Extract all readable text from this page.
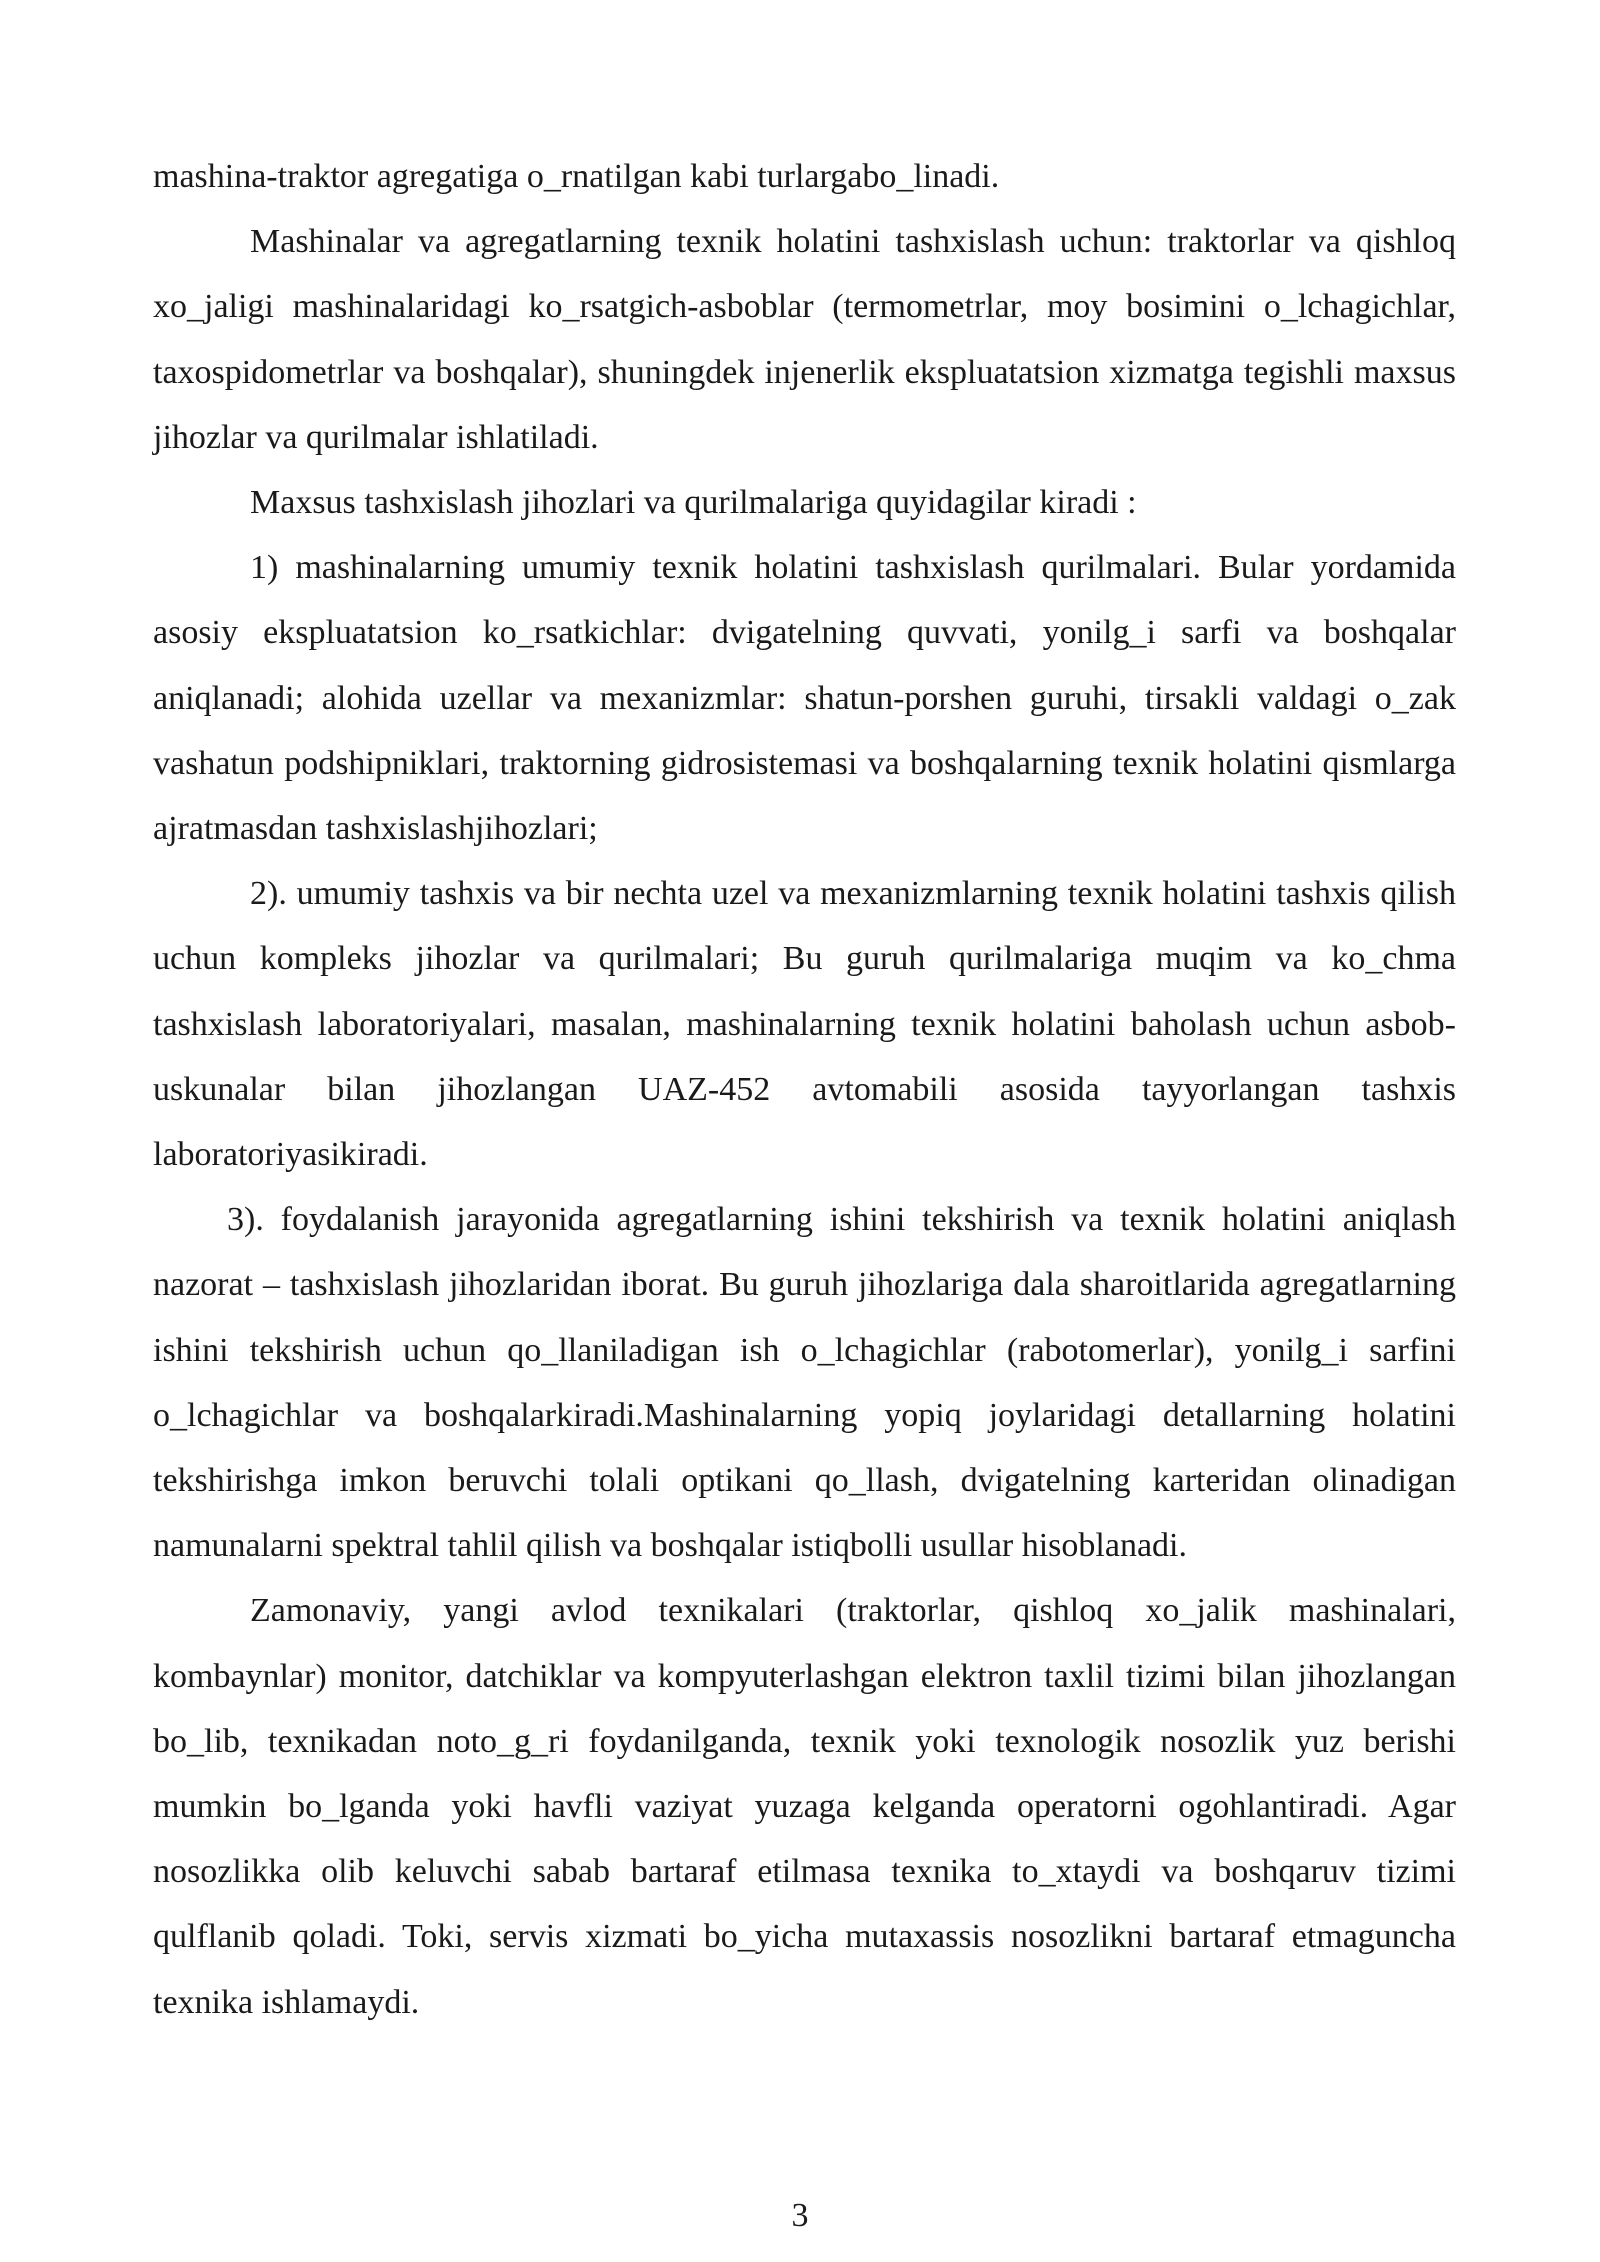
mashina-traktor agregatiga o_rnatilgan kabi turlargabo_linadi.

Mashinalar va agregatlarning texnik holatini tashxislash uchun: traktorlar va qishloq xo_jaligi mashinalaridagi ko_rsatgich-asboblar (termometrlar, moy bosimini o_lchagichlar, taxospidometrlar va boshqalar), shuningdek injenerlik ekspluatatsion xizmatga tegishli maxsus jihozlar va qurilmalar ishlatiladi.

Maxsus tashxislash jihozlari va qurilmalariga quyidagilar kiradi :

1) mashinalarning umumiy texnik holatini tashxislash qurilmalari. Bular yordamida asosiy ekspluatatsion ko_rsatkichlar: dvigatelning quvvati, yonilg_i sarfi va boshqalar aniqlanadi; alohida uzellar va mexanizmlar: shatun-porshen guruhi, tirsakli valdagi o_zak vashatun podshipniklari, traktorning gidrosistemasi va boshqalarning texnik holatini qismlarga ajratmasdan tashxislashjihozlari;

2). umumiy tashxis va bir nechta uzel va mexanizmlarning texnik holatini tashxis qilish uchun kompleks jihozlar va qurilmalari; Bu guruh qurilmalariga muqim va ko_chma tashxislash laboratoriyalari, masalan, mashinalarning texnik holatini baholash uchun asbob-uskunalar bilan jihozlangan UAZ-452 avtomabili asosida tayyorlangan tashxis laboratoriyasikiradi.

3). foydalanish jarayonida agregatlarning ishini tekshirish va texnik holatini aniqlash nazorat – tashxislash jihozlaridan iborat. Bu guruh jihozlariga dala sharoitlarida agregatlarning ishini tekshirish uchun qo_llaniladigan ish o_lchagichlar (rabotomerlar), yonilg_i sarfini o_lchagichlar va boshqalarkiradi.Mashinalarning yopiq joylaridagi detallarning holatini tekshirishga imkon beruvchi tolali optikani qo_llash, dvigatelning karteridan olinadigan namunalarni spektral tahlil qilish va boshqalar istiqbolli usullar hisoblanadi.

Zamonaviy, yangi avlod texnikalari (traktorlar, qishloq xo_jalik mashinalari, kombaynlar) monitor, datchiklar va kompyuterlashgan elektron taxlil tizimi bilan jihozlangan bo_lib, texnikadan noto_g_ri foydanilganda, texnik yoki texnologik nosozlik yuz berishi mumkin bo_lganda yoki havfli vaziyat yuzaga kelganda operatorni ogohlantiradi. Agar nosozlikka olib keluvchi sabab bartaraf etilmasa texnika to_xtaydi va boshqaruv tizimi qulflanib qoladi. Toki, servis xizmati bo_yicha mutaxassis nosozlikni bartaraf etmaguncha texnika ishlamaydi.

3
